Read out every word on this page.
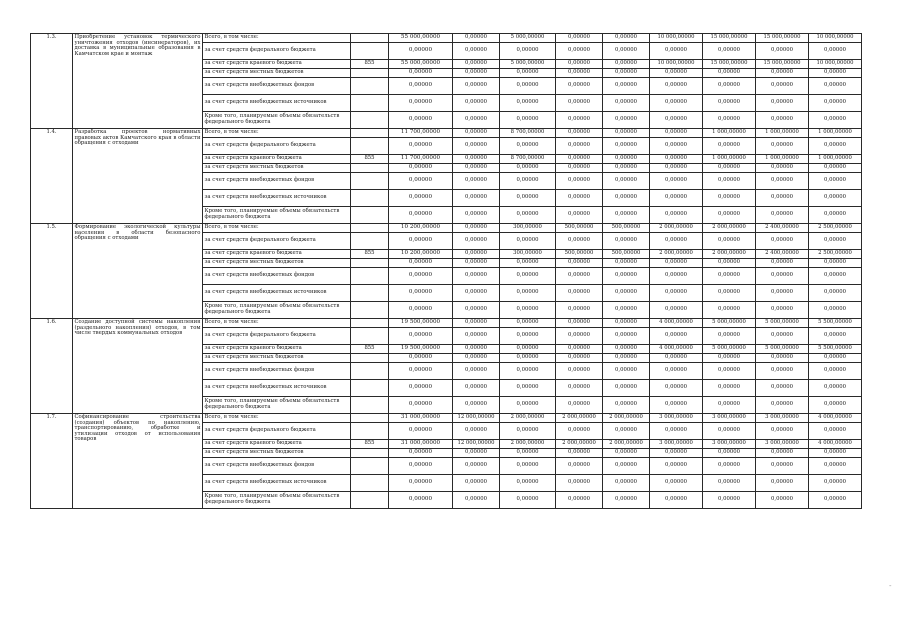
1.3.	Приобретение установок термического уничтожения отходов (инсинераторов), их доставка в муниципальные образования в Камчатском крае и монтаж	Всего, в том числе:		55 000,00000	0,00000	5 000,00000	0,00000	0,00000	10 000,00000	15 000,00000	15 000,00000	10 000,00000
		за счет средств федерального бюджета		0,00000	0,00000	0,00000	0,00000	0,00000	0,00000	0,00000	0,00000	0,00000
		за счет средств краевого бюджета	855	55 000,00000	0,00000	5 000,00000	0,00000	0,00000	10 000,00000	15 000,00000	15 000,00000	10 000,00000
		за счет средств местных бюджетов		0,00000	0,00000	0,00000	0,00000	0,00000	0,00000	0,00000	0,00000	0,00000
		за счет средств внебюджетных фондов		0,00000	0,00000	0,00000	0,00000	0,00000	0,00000	0,00000	0,00000	0,00000
		за счет средств внебюджетных источников		0,00000	0,00000	0,00000	0,00000	0,00000	0,00000	0,00000	0,00000	0,00000
		Кроме того, планируемые объемы обязательств федерального бюджета		0,00000	0,00000	0,00000	0,00000	0,00000	0,00000	0,00000	0,00000	0,00000
1.4.	Разработка проектов нормативных правовых актов Камчатского края в области обращения с отходами	Всего, в том числе:		11 700,00000	0,00000	8 700,00000	0,00000	0,00000	0,00000	1 000,00000	1 000,00000	1 000,00000
		за счет средств федерального бюджета		0,00000	0,00000	0,00000	0,00000	0,00000	0,00000	0,00000	0,00000	0,00000
		за счет средств краевого бюджета	855	11 700,00000	0,00000	8 700,00000	0,00000	0,00000	0,00000	1 000,00000	1 000,00000	1 000,00000
		за счет средств местных бюджетов		0,00000	0,00000	0,00000	0,00000	0,00000	0,00000	0,00000	0,00000	0,00000
		за счет средств внебюджетных фондов		0,00000	0,00000	0,00000	0,00000	0,00000	0,00000	0,00000	0,00000	0,00000
		за счет средств внебюджетных источников		0,00000	0,00000	0,00000	0,00000	0,00000	0,00000	0,00000	0,00000	0,00000
		Кроме того, планируемые объемы обязательств федерального бюджета		0,00000	0,00000	0,00000	0,00000	0,00000	0,00000	0,00000	0,00000	0,00000
1.5.	Формирование экологической культуры населения в области безопасного обращения с отходами	Всего, в том числе:		10 200,00000	0,00000	300,00000	500,00000	500,00000	2 000,00000	2 000,00000	2 400,00000	2 500,00000
		за счет средств федерального бюджета		0,00000	0,00000	0,00000	0,00000	0,00000	0,00000	0,00000	0,00000	0,00000
		за счет средств краевого бюджета	855	10 200,00000	0,00000	300,00000	500,00000	500,00000	2 000,00000	2 000,00000	2 400,00000	2 500,00000
		за счет средств местных бюджетов		0,00000	0,00000	0,00000	0,00000	0,00000	0,00000	0,00000	0,00000	0,00000
		за счет средств внебюджетных фондов		0,00000	0,00000	0,00000	0,00000	0,00000	0,00000	0,00000	0,00000	0,00000
		за счет средств внебюджетных источников		0,00000	0,00000	0,00000	0,00000	0,00000	0,00000	0,00000	0,00000	0,00000
		Кроме того, планируемые объемы обязательств федерального бюджета		0,00000	0,00000	0,00000	0,00000	0,00000	0,00000	0,00000	0,00000	0,00000
1.6.	Создание доступной системы накопления (раздельного накопления) отходов, в том числе твердых коммунальных отходов	Всего, в том числе:		19 500,00000	0,00000	0,00000	0,00000	0,00000	4 000,00000	5 000,00000	5 000,00000	5 500,00000
		за счет средств федерального бюджета		0,00000	0,00000	0,00000	0,00000	0,00000	0,00000	0,00000	0,00000	0,00000
		за счет средств краевого бюджета	855	19 500,00000	0,00000	0,00000	0,00000	0,00000	4 000,00000	5 000,00000	5 000,00000	5 500,00000
		за счет средств местных бюджетов		0,00000	0,00000	0,00000	0,00000	0,00000	0,00000	0,00000	0,00000	0,00000
		за счет средств внебюджетных фондов		0,00000	0,00000	0,00000	0,00000	0,00000	0,00000	0,00000	0,00000	0,00000
		за счет средств внебюджетных источников		0,00000	0,00000	0,00000	0,00000	0,00000	0,00000	0,00000	0,00000	0,00000
		Кроме того, планируемые объемы обязательств федерального бюджета		0,00000	0,00000	0,00000	0,00000	0,00000	0,00000	0,00000	0,00000	0,00000
1.7.	Софинансирование строительства (создания) объектов по накоплению, транспортированию, обработке и утилизации отходов от использования товаров	Всего, в том числе:		31 000,00000	12 000,00000	2 000,00000	2 000,00000	2 000,00000	3 000,00000	3 000,00000	3 000,00000	4 000,00000
		за счет средств федерального бюджета		0,00000	0,00000	0,00000	0,00000	0,00000	0,00000	0,00000	0,00000	0,00000
		за счет средств краевого бюджета	855	31 000,00000	12 000,00000	2 000,00000	2 000,00000	2 000,00000	3 000,00000	3 000,00000	3 000,00000	4 000,00000
		за счет средств местных бюджетов		0,00000	0,00000	0,00000	0,00000	0,00000	0,00000	0,00000	0,00000	0,00000
		за счет средств внебюджетных фондов		0,00000	0,00000	0,00000	0,00000	0,00000	0,00000	0,00000	0,00000	0,00000
		за счет средств внебюджетных источников		0,00000	0,00000	0,00000	0,00000	0,00000	0,00000	0,00000	0,00000	0,00000
		Кроме того, планируемые объемы обязательств федерального бюджета		0,00000	0,00000	0,00000	0,00000	0,00000	0,00000	0,00000	0,00000	0,00000
-
